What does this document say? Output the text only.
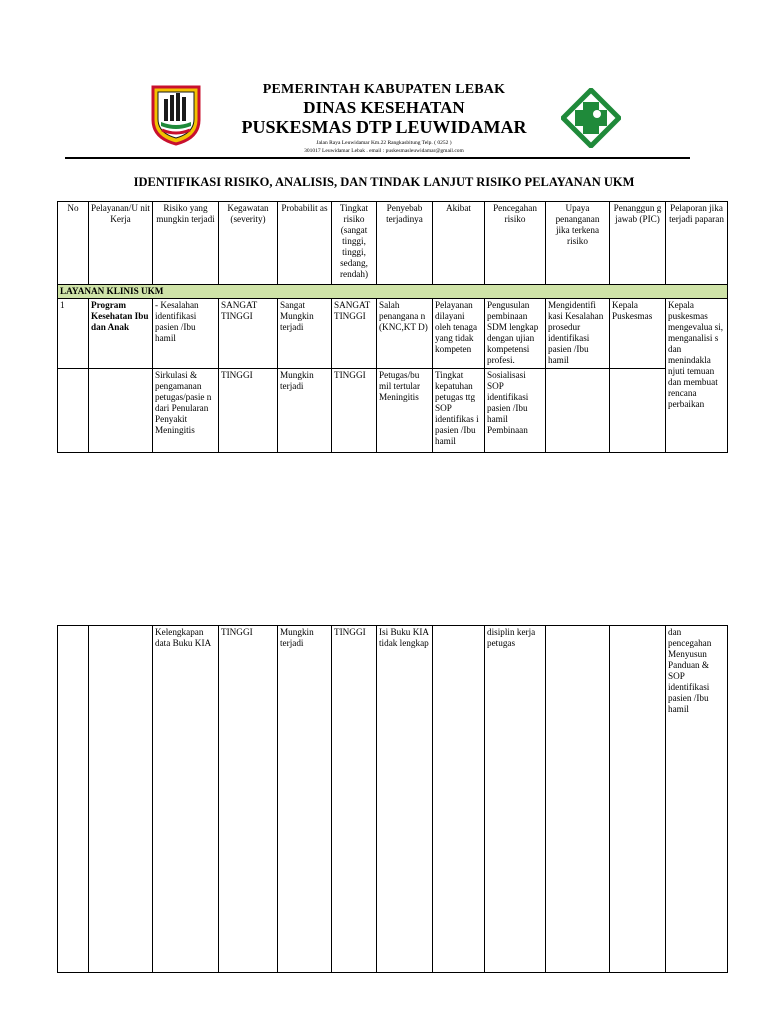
PEMERINTAH KABUPATEN LEBAK
DINAS KESEHATAN
PUSKESMAS DTP LEUWIDAMAR
Jalan Raya Leuwidamar Km.22 Rangkasbitung Telp. ( 0252 )
301017 Leuwidamar Lebak . email : puskesmasleuwidamar@gmail.com
IDENTIFIKASI RISIKO, ANALISIS, DAN TINDAK LANJUT RISIKO PELAYANAN UKM
No	Pelayanan/U nit Kerja	Risiko yang mungkin terjadi	Kegawatan (severity)	Probabilit as	Tingkat risiko (sangat tinggi, tinggi, sedang, rendah)	Penyebab terjadinya	Akibat	Pencegahan risiko	Upaya penanganan jika terkena risiko	Penanggun g jawab (PIC)	Pelaporan jika terjadi paparan
LAYANAN KLINIS UKM											
1	Program Kesehatan Ibu dan Anak	- Kesalahan identifikasi pasien /Ibu hamil	SANGAT TINGGI	Sangat Mungkin terjadi	SANGAT TINGGI	Salah penangana n (KNC,KT D)	Pelayanan dilayani oleh tenaga yang tidak kompeten	Pengusulan pembinaan SDM lengkap dengan ujian kompetensi profesi.	Mengidentifi kasi Kesalahan prosedur identifikasi pasien /Ibu hamil	Kepala Puskesmas	Kepala puskesmas mengevalua si, menganalisi s dan menindakla njuti temuan dan membuat rencana perbaikan
		Sirkulasi & pengamanan petugas/pasie n dari Penularan Penyakit Meningitis	TINGGI	Mungkin terjadi	TINGGI	Petugas/bu mil tertular Meningitis	Tingkat kepatuhan petugas ttg SOP identifikas i pasien /Ibu hamil	Sosialisasi SOP identifikasi pasien /Ibu hamil Pembinaan			
		Kelengkapan data Buku KIA	TINGGI	Mungkin terjadi	TINGGI	Isi Buku KIA tidak lengkap		disiplin kerja petugas			dan pencegahan Menyusun Panduan & SOP identifikasi pasien /Ibu hamil
